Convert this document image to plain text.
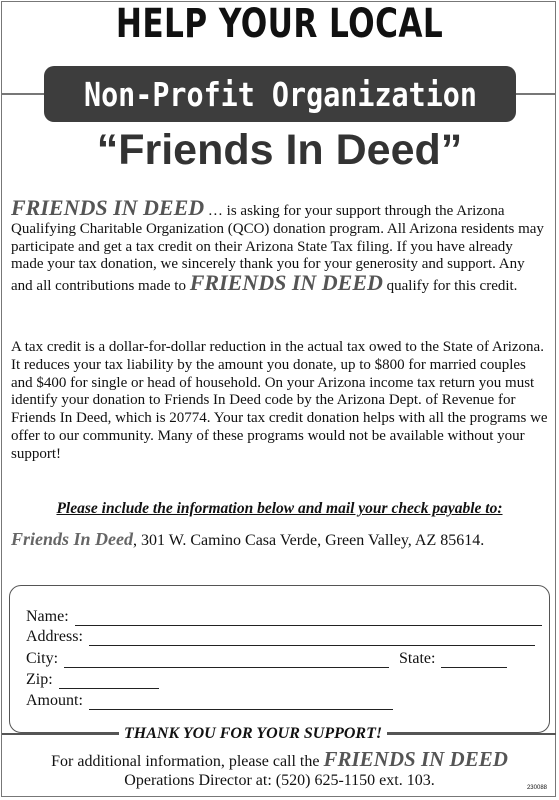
HELP YOUR LOCAL
Non-Profit Organization
“Friends In Deed”
FRIENDS IN DEED … is asking for your support through the Arizona Qualifying Charitable Organization (QCO) donation program. All Arizona residents may participate and get a tax credit on their Arizona State Tax filing. If you have already made your tax donation, we sincerely thank you for your generosity and support. Any and all contributions made to FRIENDS IN DEED qualify for this credit.
A tax credit is a dollar-for-dollar reduction in the actual tax owed to the State of Arizona. It reduces your tax liability by the amount you donate, up to $800 for married couples and $400 for single or head of household. On your Arizona income tax return you must identify your donation to Friends In Deed code by the Arizona Dept. of Revenue for Friends In Deed, which is 20774. Your tax credit donation helps with all the programs we offer to our community. Many of these programs would not be available without your support!
Please include the information below and mail your check payable to:
Friends In Deed, 301 W. Camino Casa Verde, Green Valley, AZ 85614.
Name:
Address:
City:	State:
Zip:
Amount:
THANK YOU FOR YOUR SUPPORT!
For additional information, please call the FRIENDS IN DEED
Operations Director at: (520) 625-1150 ext. 103.	230088
